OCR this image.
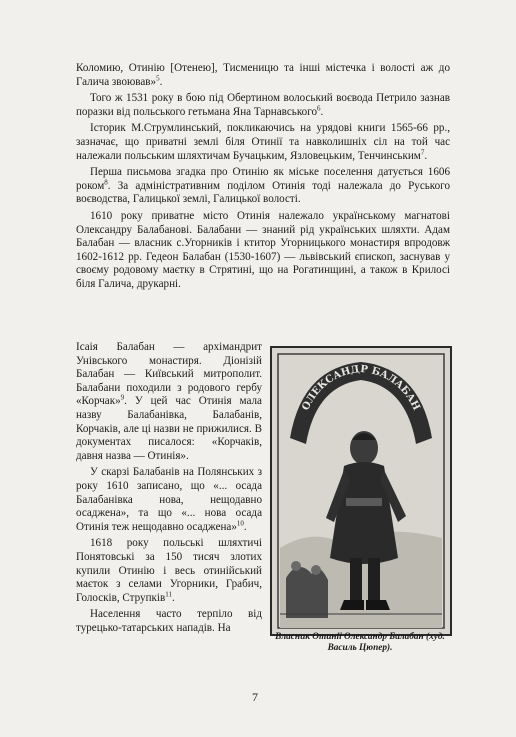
Коломию, Отинію [Отенею], Тисменицю та інші містечка і волості аж до Галича звоював»$^5$.

Того ж 1531 року в бою під Обертином волоський воєвода Петрило зазнав поразки від польського гетьмана Яна Тарнавського$^6$.

Історик М.Струмлинський, покликаючись на урядові книги 1565-66 рр., зазначає, що приватні землі біля Отинії та навколишніх сіл на той час належали польським шляхтичам Бучацьким, Язловецьким, Тенчинським$^7$.

Перша письмова згадка про Отинію як міське поселення датується 1606 роком$^8$. За адміністративним поділом Отинія тоді належала до Руського воєводства, Галицької землі, Галицької волості.

1610 року приватне місто Отинія належало українському магнатові Олександру Балабанові. Балабани — знаний рід українських шляхти. Адам Балабан — власник с.Угорників і ктитор Угорницького монастиря впродовж 1602-1612 рр. Гедеон Балабан (1530-1607) — львівський єпископ, заснував у своєму родовому маєтку в Стрятині, що на Рогатинщині, а також в Крилосі біля Галича, друкарні.

Ісаія Балабан — архімандрит Унівського монастиря. Діонізій Балабан — Київський митрополит. Балабани походили з родового гербу «Корчак»$^9$. У цей час Отинія мала назву Балабанівка, Балабанів, Корчаків, але ці назви не прижилися. В документах писалося: «Корчаків, давня назва — Отинія».

У скарзі Балабанів на Полянських з року 1610 записано, що «... осада Балабанівка нова, нещодавно осаджена», та що «... нова осада Отинія теж нещодавно осаджена»$^{10}$.

1618 року польські шляхтичі Понятовські за 150 тисяч злотих купили Отинію і весь отинійський маєток з селами Угорники, Грабич, Голосків, Струпків$^{11}$.

Населення часто терпіло від турецько-татарських нападів. На

ОЛЕКСАНДР БАЛАБАН
Власник Отинії Олександр Балабан (худ. Василь Цюпер).
7
